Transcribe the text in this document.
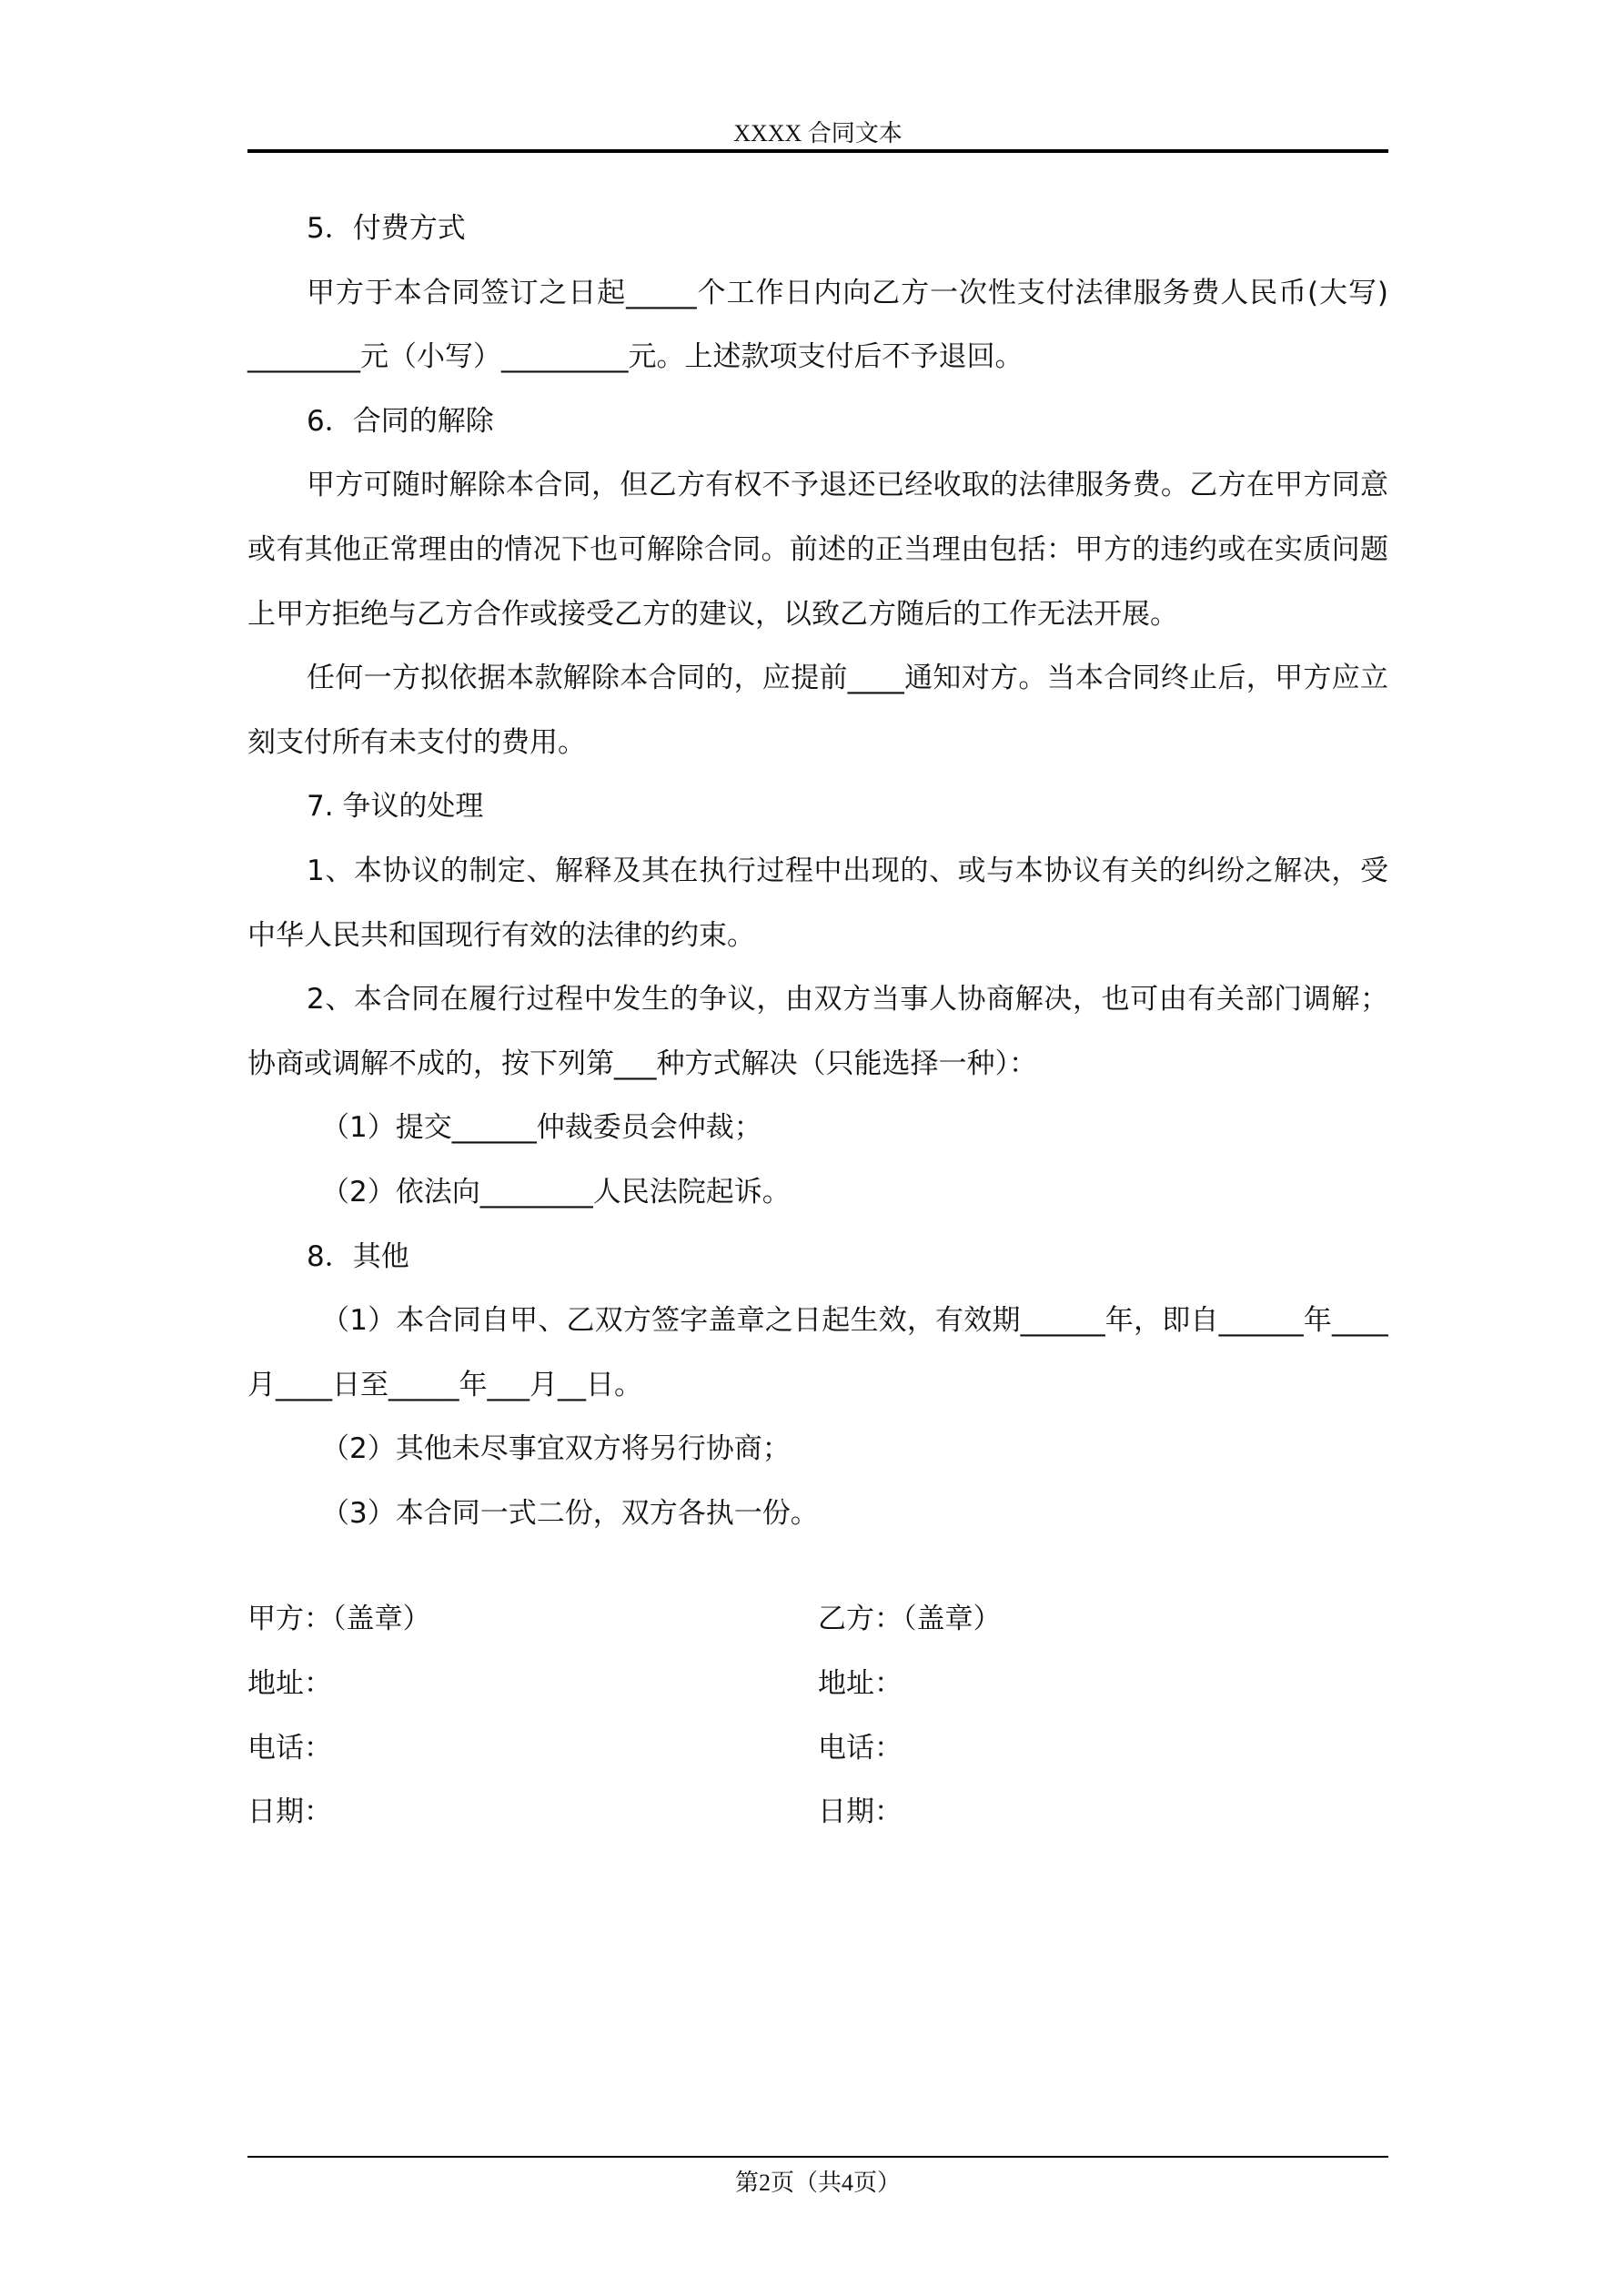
XXXX 合同文本
5．付费方式
甲方于本合同签订之日起_____个工作日内向乙方一次性支付法律服务费人民币(大写)
________元（小写）_________元。上述款项支付后不予退回。
6．合同的解除
甲方可随时解除本合同，但乙方有权不予退还已经收取的法律服务费。乙方在甲方同意
或有其他正常理由的情况下也可解除合同。前述的正当理由包括：甲方的违约或在实质问题
上甲方拒绝与乙方合作或接受乙方的建议，以致乙方随后的工作无法开展。
任何一方拟依据本款解除本合同的，应提前____通知对方。当本合同终止后，甲方应立
刻支付所有未支付的费用。
7. 争议的处理
1、本协议的制定、解释及其在执行过程中出现的、或与本协议有关的纠纷之解决，受
中华人民共和国现行有效的法律的约束。
2、本合同在履行过程中发生的争议，由双方当事人协商解决，也可由有关部门调解；
协商或调解不成的，按下列第___种方式解决（只能选择一种）：
（1）提交______仲裁委员会仲裁；
（2）依法向________人民法院起诉。
8．其他
（1）本合同自甲、乙双方签字盖章之日起生效，有效期______年，即自______年____
月____日至_____年___月__日。
（2）其他未尽事宜双方将另行协商；
（3）本合同一式二份，双方各执一份。
甲方：（盖章）
地址：
电话：
日期：
乙方：（盖章）
地址：
电话：
日期：
第2页（共4页）
